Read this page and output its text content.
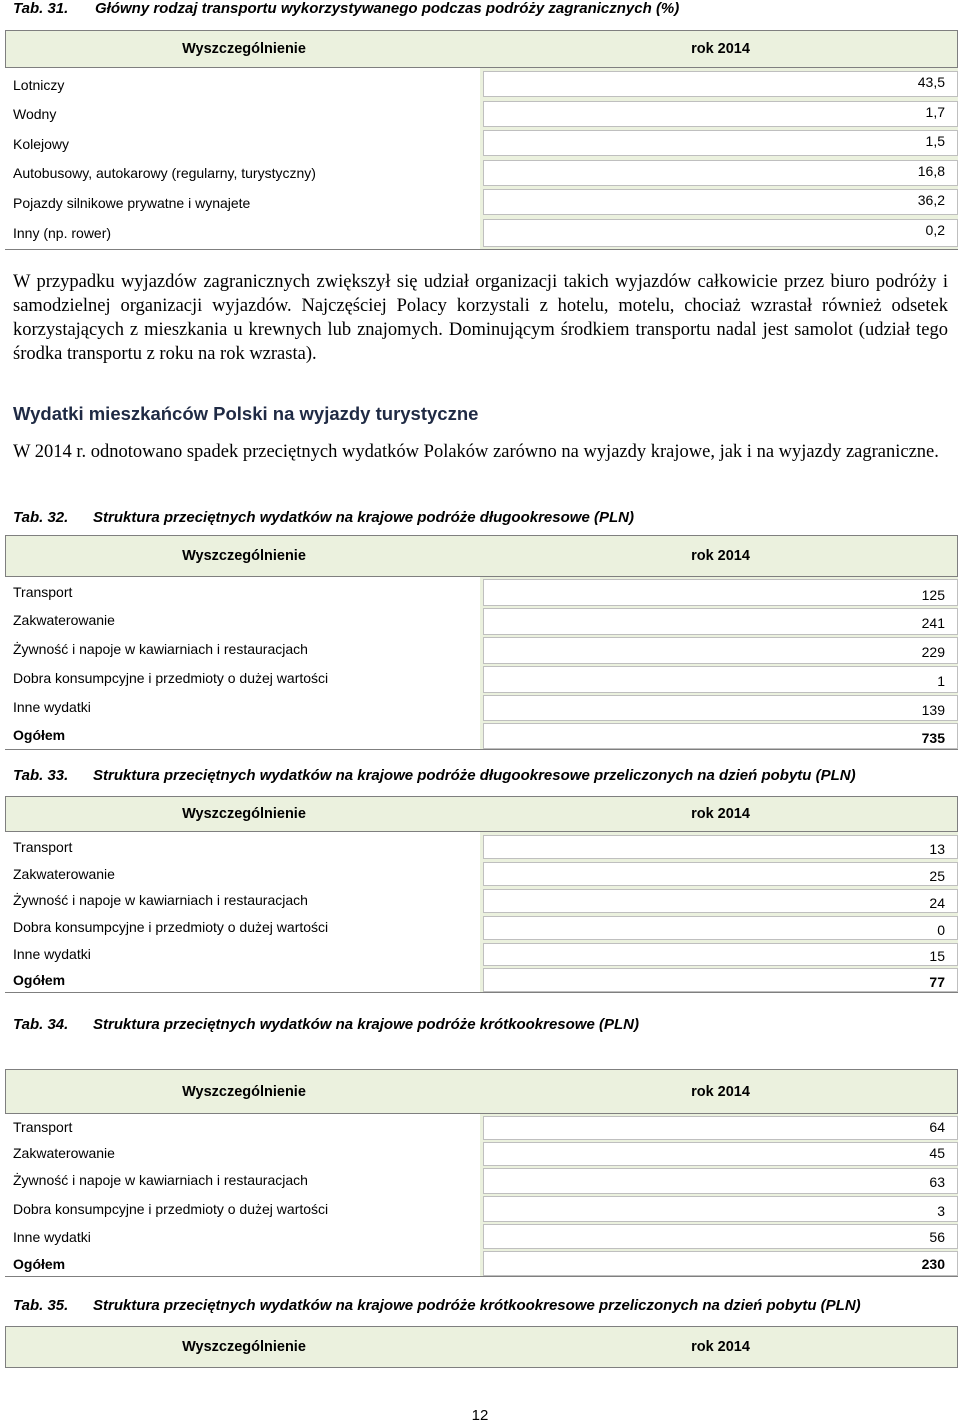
Tab. 31. Główny rodzaj transportu wykorzystywanego podczas podróży zagranicznych (%)
Wyszczególnienie	rok 2014
Lotniczy	43,5
Wodny	1,7
Kolejowy	1,5
Autobusowy, autokarowy (regularny, turystyczny)	16,8
Pojazdy silnikowe prywatne i wynajete	36,2
Inny (np. rower)	0,2
W przypadku wyjazdów zagranicznych zwiększył się udział organizacji takich wyjazdów całkowicie przez biuro podróży i samodzielnej organizacji wyjazdów. Najczęściej Polacy korzystali z hotelu, motelu, chociaż wzrastał również odsetek korzystających z mieszkania u krewnych lub znajomych. Dominującym środkiem transportu nadal jest samolot (udział tego środka transportu z roku na rok wzrasta).
Wydatki mieszkańców Polski na wyjazdy turystyczne
W 2014 r. odnotowano spadek przeciętnych wydatków Polaków zarówno na wyjazdy krajowe, jak i na wyjazdy zagraniczne.
Tab. 32. Struktura przeciętnych wydatków na krajowe podróże długookresowe (PLN)
Wyszczególnienie	rok 2014
Transport	125
Zakwaterowanie	241
Żywność i napoje w kawiarniach i restauracjach	229
Dobra konsumpcyjne i przedmioty o dużej wartości	1
Inne wydatki	139
Ogółem	735
Tab. 33. Struktura przeciętnych wydatków na krajowe podróże długookresowe przeliczonych na dzień pobytu (PLN)
Wyszczególnienie	rok 2014
Transport	13
Zakwaterowanie	25
Żywność i napoje w kawiarniach i restauracjach	24
Dobra konsumpcyjne i przedmioty o dużej wartości	0
Inne wydatki	15
Ogółem	77
Tab. 34. Struktura przeciętnych wydatków na krajowe podróże krótkookresowe (PLN)
Wyszczególnienie	rok 2014
Transport	64
Zakwaterowanie	45
Żywność i napoje w kawiarniach i restauracjach	63
Dobra konsumpcyjne i przedmioty o dużej wartości	3
Inne wydatki	56
Ogółem	230
Tab. 35. Struktura przeciętnych wydatków na krajowe podróże krótkookresowe przeliczonych na dzień pobytu (PLN)
Wyszczególnienie	rok 2014
12
